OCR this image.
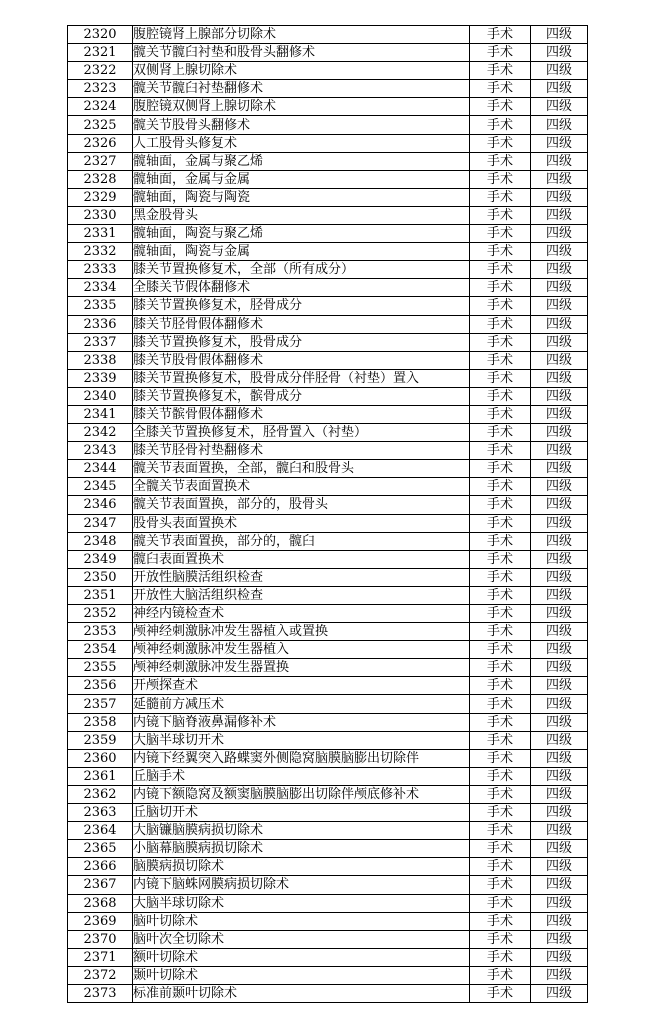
2320	腹腔镜肾上腺部分切除术	手术	四级
2321	髋关节髋臼衬垫和股骨头翻修术	手术	四级
2322	双侧肾上腺切除术	手术	四级
2323	髋关节髋臼衬垫翻修术	手术	四级
2324	腹腔镜双侧肾上腺切除术	手术	四级
2325	髋关节股骨头翻修术	手术	四级
2326	人工股骨头修复术	手术	四级
2327	髋轴面，金属与聚乙烯	手术	四级
2328	髋轴面，金属与金属	手术	四级
2329	髋轴面，陶瓷与陶瓷	手术	四级
2330	黑金股骨头	手术	四级
2331	髋轴面，陶瓷与聚乙烯	手术	四级
2332	髋轴面，陶瓷与金属	手术	四级
2333	膝关节置换修复术，全部（所有成分）	手术	四级
2334	全膝关节假体翻修术	手术	四级
2335	膝关节置换修复术，胫骨成分	手术	四级
2336	膝关节胫骨假体翻修术	手术	四级
2337	膝关节置换修复术，股骨成分	手术	四级
2338	膝关节股骨假体翻修术	手术	四级
2339	膝关节置换修复术，股骨成分伴胫骨（衬垫）置入	手术	四级
2340	膝关节置换修复术，髌骨成分	手术	四级
2341	膝关节髌骨假体翻修术	手术	四级
2342	全膝关节置换修复术，胫骨置入（衬垫）	手术	四级
2343	膝关节胫骨衬垫翻修术	手术	四级
2344	髋关节表面置换，全部，髋臼和股骨头	手术	四级
2345	全髋关节表面置换术	手术	四级
2346	髋关节表面置换，部分的，股骨头	手术	四级
2347	股骨头表面置换术	手术	四级
2348	髋关节表面置换，部分的，髋臼	手术	四级
2349	髋臼表面置换术	手术	四级
2350	开放性脑膜活组织检查	手术	四级
2351	开放性大脑活组织检查	手术	四级
2352	神经内镜检查术	手术	四级
2353	颅神经刺激脉冲发生器植入或置换	手术	四级
2354	颅神经刺激脉冲发生器植入	手术	四级
2355	颅神经刺激脉冲发生器置换	手术	四级
2356	开颅探查术	手术	四级
2357	延髓前方减压术	手术	四级
2358	内镜下脑脊液鼻漏修补术	手术	四级
2359	大脑半球切开术	手术	四级
2360	内镜下经翼突入路蝶窦外侧隐窝脑膜脑膨出切除伴	手术	四级
2361	丘脑手术	手术	四级
2362	内镜下额隐窝及额窦脑膜脑膨出切除伴颅底修补术	手术	四级
2363	丘脑切开术	手术	四级
2364	大脑镰脑膜病损切除术	手术	四级
2365	小脑幕脑膜病损切除术	手术	四级
2366	脑膜病损切除术	手术	四级
2367	内镜下脑蛛网膜病损切除术	手术	四级
2368	大脑半球切除术	手术	四级
2369	脑叶切除术	手术	四级
2370	脑叶次全切除术	手术	四级
2371	额叶切除术	手术	四级
2372	颞叶切除术	手术	四级
2373	标准前颞叶切除术	手术	四级
